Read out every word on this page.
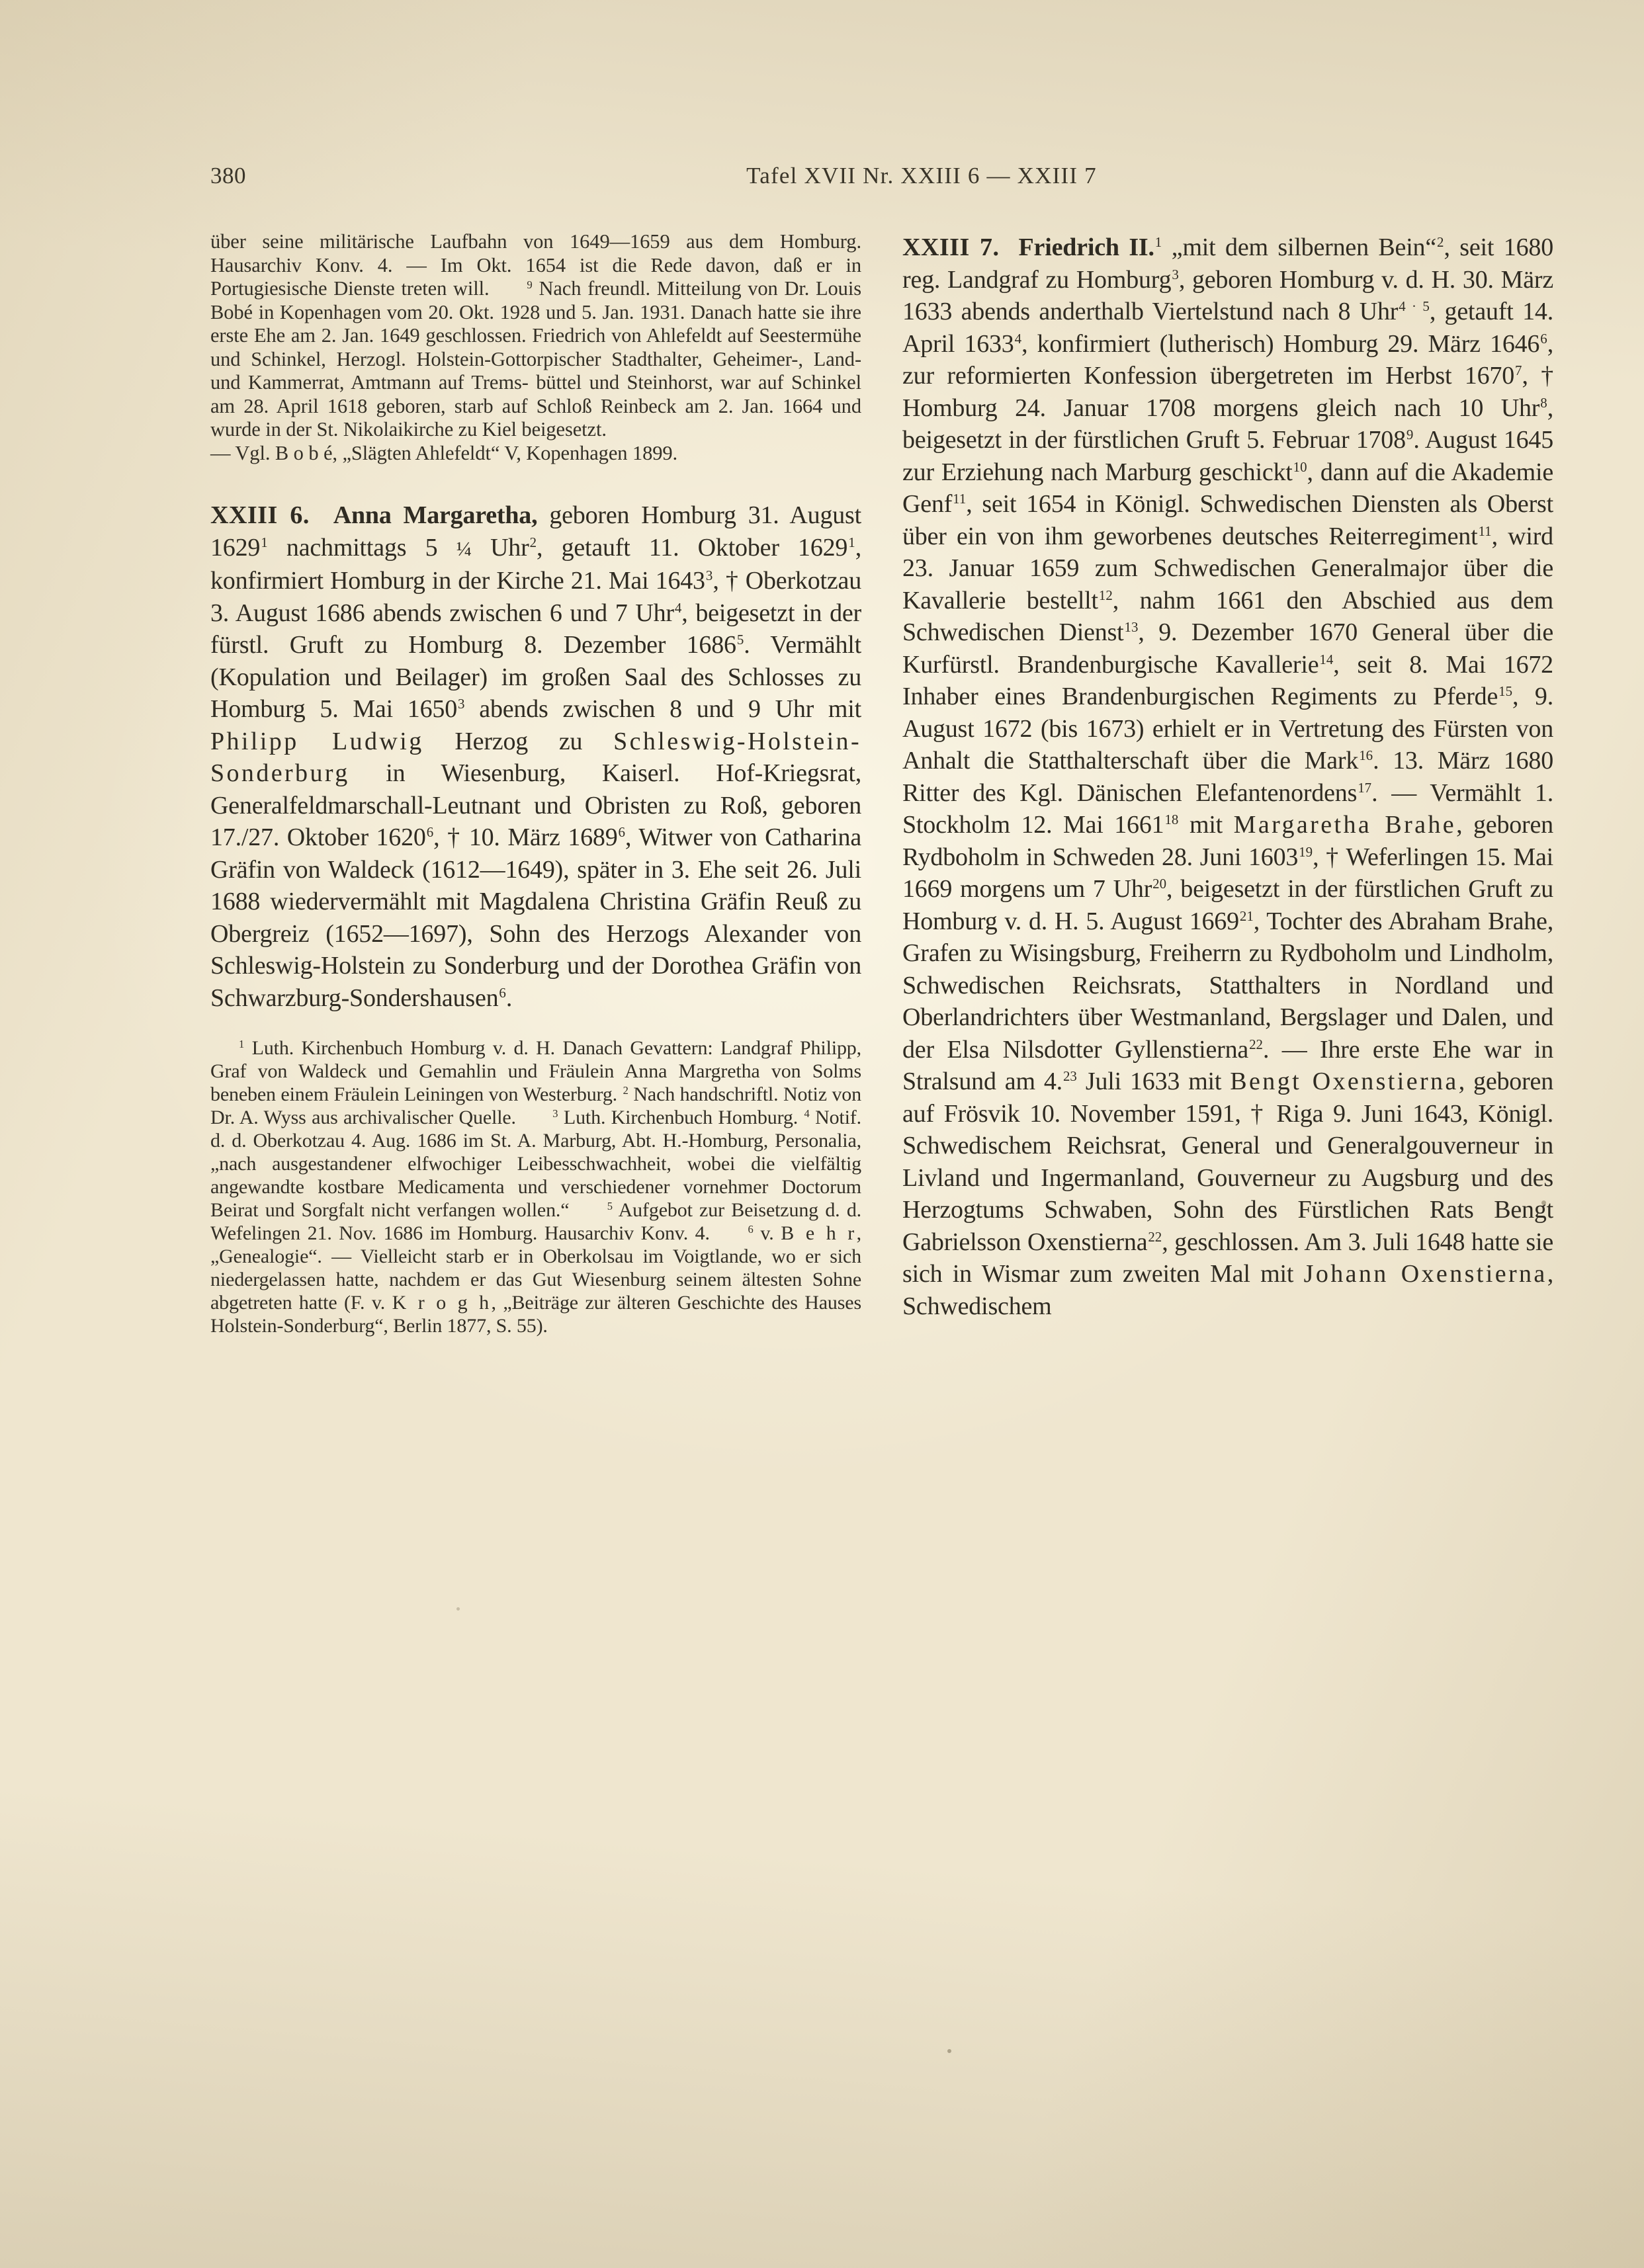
380	Tafel XVII Nr. XXIII 6 — XXIII 7

über seine militärische Laufbahn von 1649—1659 aus dem Homburg. Hausarchiv Konv. 4. — Im Okt. 1654 ist die Rede davon, daß er in Portugiesische Dienste treten will.	$^9$ Nach freundl. Mitteilung von Dr. Louis Bobé in Kopenhagen vom 20. Okt. 1928 und 5. Jan. 1931. Danach hatte sie ihre erste Ehe am 2. Jan. 1649 geschlossen. Friedrich von Ahlefeldt auf Seestermühe und Schinkel, Herzogl. Holstein-Gottorpischer Stadthalter, Geheimer-, Land- und Kammerrat, Amtmann auf Trems- büttel und Steinhorst, war auf Schinkel am 28. April 1618 geboren, starb auf Schloß Reinbeck am 2. Jan. 1664 und wurde in der St. Nikolaikirche zu Kiel beigesetzt.

— Vgl. B o b é, „Slägten Ahlefeldt“ V, Kopenhagen 1899.

XXIII 6. Anna Margaretha, geboren Homburg 31. August 1629$^1$ nachmittags 5 ¼ Uhr$^2$, getauft 11. Oktober 1629$^1$, konfirmiert Homburg in der Kirche 21. Mai 1643$^3$, † Oberkotzau 3. August 1686 abends zwischen 6 und 7 Uhr$^4$, beigesetzt in der fürstl. Gruft zu Homburg 8. Dezember 1686$^5$. Vermählt (Kopulation und Beilager) im großen Saal des Schlosses zu Homburg 5. Mai 1650$^3$ abends zwischen 8 und 9 Uhr mit Philipp Ludwig Herzog zu Schleswig-Holstein-Sonderburg in Wiesenburg, Kaiserl. Hof-Kriegsrat, Generalfeldmarschall-Leutnant und Obristen zu Roß, geboren 17./27. Oktober 1620$^6$, † 10. März 1689$^6$, Witwer von Catharina Gräfin von Waldeck (1612—1649), später in 3. Ehe seit 26. Juli 1688 wiedervermählt mit Magdalena Christina Gräfin Reuß zu Obergreiz (1652—1697), Sohn des Herzogs Alexander von Schleswig-Holstein zu Sonderburg und der Dorothea Gräfin von Schwarzburg-Sondershausen$^6$.

$^1$ Luth. Kirchenbuch Homburg v. d. H. Danach Gevattern: Landgraf Philipp, Graf von Waldeck und Gemahlin und Fräulein Anna Margretha von Solms beneben einem Fräulein Leiningen von Westerburg. $^2$ Nach handschriftl. Notiz von Dr. A. Wyss aus archivalischer Quelle.	$^3$ Luth. Kirchenbuch Homburg. $^4$ Notif. d. d. Oberkotzau 4. Aug. 1686 im St. A. Marburg, Abt. H.-Homburg, Personalia, „nach ausgestandener elfwochiger Leibesschwachheit, wobei die vielfältig angewandte kostbare Medicamenta und verschiedener vornehmer Doctorum Beirat und Sorgfalt nicht verfangen wollen.“	$^5$ Aufgebot zur Beisetzung d. d. Wefelingen 21. Nov. 1686 im Homburg. Hausarchiv Konv. 4.	$^6$ v. B e h r, „Genealogie“. — Vielleicht starb er in Oberkolsau im Voigtlande, wo er sich niedergelassen hatte, nachdem er das Gut Wiesenburg seinem ältesten Sohne abgetreten hatte (F. v. K r o g h, „Beiträge zur älteren Geschichte des Hauses Holstein-Sonderburg“, Berlin 1877, S. 55).

XXIII 7. Friedrich II.$^1$ „mit dem silbernen Bein“$^2$, seit 1680 reg. Landgraf zu Homburg$^3$, geboren Homburg v. d. H. 30. März 1633 abends anderthalb Viertelstund nach 8 Uhr$^{4 \cdot 5}$, getauft 14. April 1633$^4$, konfirmiert (lutherisch) Homburg 29. März 1646$^6$, zur reformierten Konfession übergetreten im Herbst 1670$^7$, † Homburg 24. Januar 1708 morgens gleich nach 10 Uhr$^8$, beigesetzt in der fürstlichen Gruft 5. Februar 1708$^9$. August 1645 zur Erziehung nach Marburg geschickt$^{10}$, dann auf die Akademie Genf$^{11}$, seit 1654 in Königl. Schwedischen Diensten als Oberst über ein von ihm geworbenes deutsches Reiterregiment$^{11}$, wird 23. Januar 1659 zum Schwedischen Generalmajor über die Kavallerie bestellt$^{12}$, nahm 1661 den Abschied aus dem Schwedischen Dienst$^{13}$, 9. Dezember 1670 General über die Kurfürstl. Brandenburgische Kavallerie$^{14}$, seit 8. Mai 1672 Inhaber eines Brandenburgischen Regiments zu Pferde$^{15}$, 9. August 1672 (bis 1673) erhielt er in Vertretung des Fürsten von Anhalt die Statthalterschaft über die Mark$^{16}$. 13. März 1680 Ritter des Kgl. Dänischen Elefantenordens$^{17}$. — Vermählt 1. Stockholm 12. Mai 1661$^{18}$ mit Margaretha Brahe, geboren Rydboholm in Schweden 28. Juni 1603$^{19}$, † Weferlingen 15. Mai 1669 morgens um 7 Uhr$^{20}$, beigesetzt in der fürstlichen Gruft zu Homburg v. d. H. 5. August 1669$^{21}$, Tochter des Abraham Brahe, Grafen zu Wisingsburg, Freiherrn zu Rydboholm und Lindholm, Schwedischen Reichsrats, Statthalters in Nordland und Oberlandrichters über Westmanland, Bergslager und Dalen, und der Elsa Nilsdotter Gyllenstierna$^{22}$. — Ihre erste Ehe war in Stralsund am 4.23 Juli 1633 mit Bengt Oxenstierna, geboren auf Frösvik 10. November 1591, † Riga 9. Juni 1643, Königl. Schwedischem Reichsrat, General und Generalgouverneur in Livland und Ingermanland, Gouverneur zu Augsburg und des Herzogtums Schwaben, Sohn des Fürstlichen Rats Bengt Gabrielsson Oxenstierna$^{22}$, geschlossen. Am 3. Juli 1648 hatte sie sich in Wismar zum zweiten Mal mit Johann Oxenstierna, Schwedischem
